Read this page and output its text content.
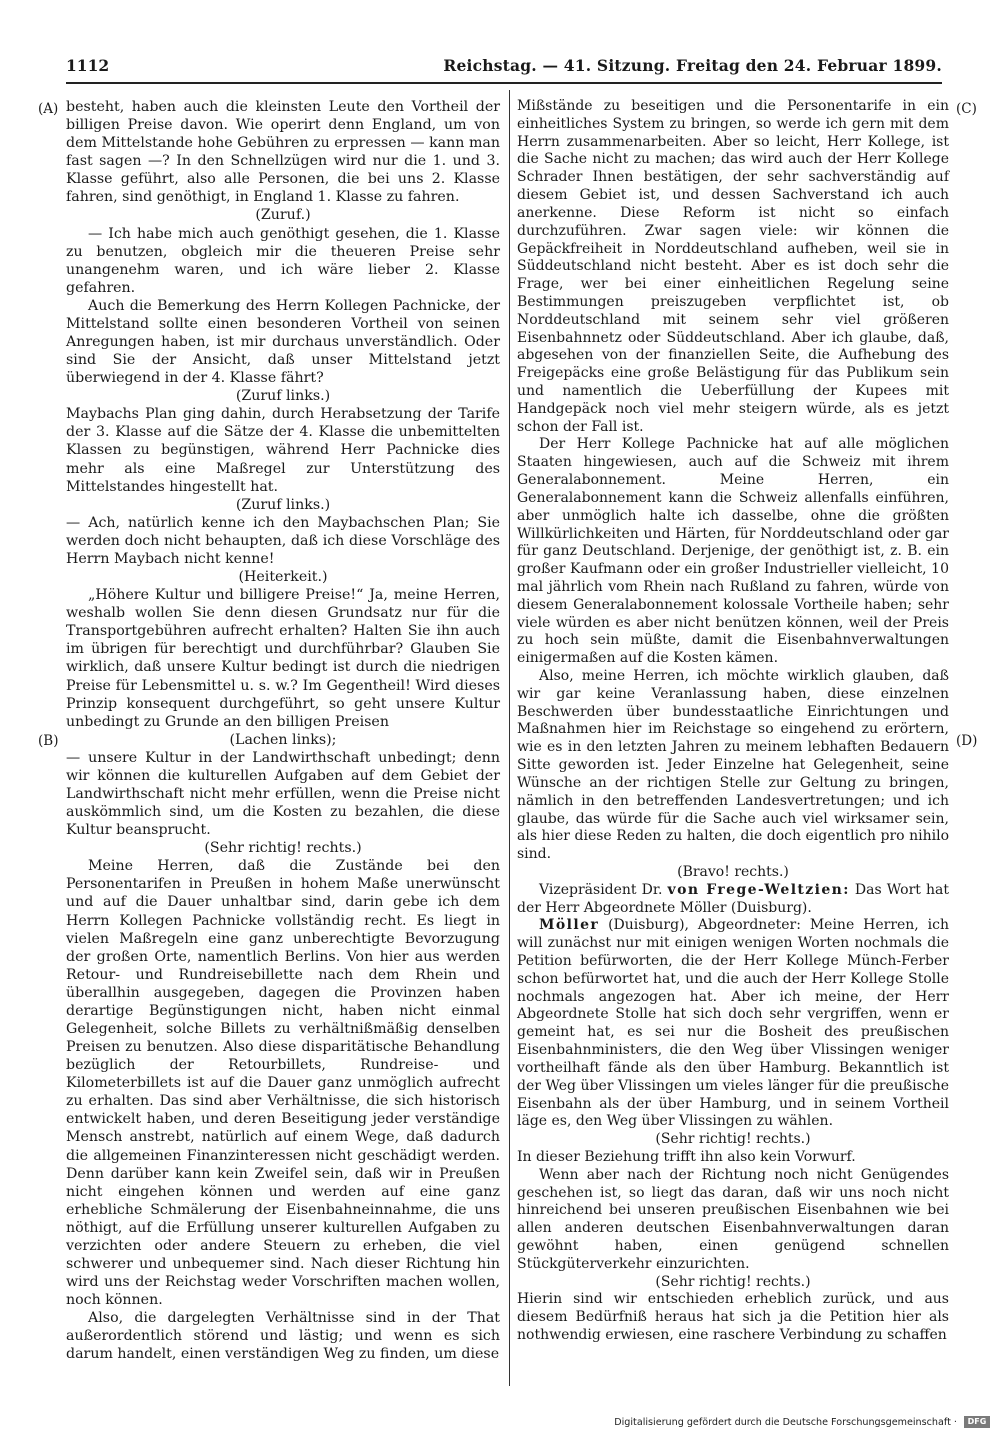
1112	Reichstag. — 41. Sitzung. Freitag den 24. Februar 1899.
(A)
(B)
(C)
(D)

besteht, haben auch die kleinsten Leute den Vortheil der billigen Preise davon. Wie operirt denn England, um von dem Mittelstande hohe Gebühren zu erpressen — kann man fast sagen —? In den Schnellzügen wird nur die 1. und 3. Klasse geführt, also alle Personen, die bei uns 2. Klasse fahren, sind genöthigt, in England 1. Klasse zu fahren.

(Zuruf.)

— Ich habe mich auch genöthigt gesehen, die 1. Klasse zu benutzen, obgleich mir die theueren Preise sehr unangenehm waren, und ich wäre lieber 2. Klasse gefahren.

Auch die Bemerkung des Herrn Kollegen Pachnicke, der Mittelstand sollte einen besonderen Vortheil von seinen Anregungen haben, ist mir durchaus unverständlich. Oder sind Sie der Ansicht, daß unser Mittelstand jetzt überwiegend in der 4. Klasse fährt?

(Zuruf links.)

Maybachs Plan ging dahin, durch Herabsetzung der Tarife der 3. Klasse auf die Sätze der 4. Klasse die unbemittelten Klassen zu begünstigen, während Herr Pachnicke dies mehr als eine Maßregel zur Unterstützung des Mittelstandes hingestellt hat.

(Zuruf links.)

— Ach, natürlich kenne ich den Maybachschen Plan; Sie werden doch nicht behaupten, daß ich diese Vorschläge des Herrn Maybach nicht kenne!

(Heiterkeit.)

„Höhere Kultur und billigere Preise!“ Ja, meine Herren, weshalb wollen Sie denn diesen Grundsatz nur für die Transportgebühren aufrecht erhalten? Halten Sie ihn auch im übrigen für berechtigt und durchführbar? Glauben Sie wirklich, daß unsere Kultur bedingt ist durch die niedrigen Preise für Lebensmittel u. s. w.? Im Gegentheil! Wird dieses Prinzip konsequent durchgeführt, so geht unsere Kultur unbedingt zu Grunde an den billigen Preisen

(Lachen links);

— unsere Kultur in der Landwirthschaft unbedingt; denn wir können die kulturellen Aufgaben auf dem Gebiet der Landwirthschaft nicht mehr erfüllen, wenn die Preise nicht auskömmlich sind, um die Kosten zu bezahlen, die diese Kultur beansprucht.

(Sehr richtig! rechts.)

Meine Herren, daß die Zustände bei den Personentarifen in Preußen in hohem Maße unerwünscht und auf die Dauer unhaltbar sind, darin gebe ich dem Herrn Kollegen Pachnicke vollständig recht. Es liegt in vielen Maßregeln eine ganz unberechtigte Bevorzugung der großen Orte, namentlich Berlins. Von hier aus werden Retour- und Rundreisebillette nach dem Rhein und überallhin ausgegeben, dagegen die Provinzen haben derartige Begünstigungen nicht, haben nicht einmal Gelegenheit, solche Billets zu verhältnißmäßig denselben Preisen zu benutzen. Also diese disparitätische Behandlung bezüglich der Retourbillets, Rundreise- und Kilometerbillets ist auf die Dauer ganz unmöglich aufrecht zu erhalten. Das sind aber Verhältnisse, die sich historisch entwickelt haben, und deren Beseitigung jeder verständige Mensch anstrebt, natürlich auf einem Wege, daß dadurch die allgemeinen Finanzinteressen nicht geschädigt werden. Denn darüber kann kein Zweifel sein, daß wir in Preußen nicht eingehen können und werden auf eine ganz erhebliche Schmälerung der Eisenbahneinnahme, die uns nöthigt, auf die Erfüllung unserer kulturellen Aufgaben zu verzichten oder andere Steuern zu erheben, die viel schwerer und unbequemer sind. Nach dieser Richtung hin wird uns der Reichstag weder Vorschriften machen wollen, noch können.

Also, die dargelegten Verhältnisse sind in der That außerordentlich störend und lästig; und wenn es sich darum handelt, einen verständigen Weg zu finden, um diese

Mißstände zu beseitigen und die Personentarife in ein einheitliches System zu bringen, so werde ich gern mit dem Herrn zusammenarbeiten. Aber so leicht, Herr Kollege, ist die Sache nicht zu machen; das wird auch der Herr Kollege Schrader Ihnen bestätigen, der sehr sachverständig auf diesem Gebiet ist, und dessen Sachverstand ich auch anerkenne. Diese Reform ist nicht so einfach durchzuführen. Zwar sagen viele: wir können die Gepäckfreiheit in Norddeutschland aufheben, weil sie in Süddeutschland nicht besteht. Aber es ist doch sehr die Frage, wer bei einer einheitlichen Regelung seine Bestimmungen preiszugeben verpflichtet ist, ob Norddeutschland mit seinem sehr viel größeren Eisenbahnnetz oder Süddeutschland. Aber ich glaube, daß, abgesehen von der finanziellen Seite, die Aufhebung des Freigepäcks eine große Belästigung für das Publikum sein und namentlich die Ueberfüllung der Kupees mit Handgepäck noch viel mehr steigern würde, als es jetzt schon der Fall ist.

Der Herr Kollege Pachnicke hat auf alle möglichen Staaten hingewiesen, auch auf die Schweiz mit ihrem Generalabonnement. Meine Herren, ein Generalabonnement kann die Schweiz allenfalls einführen, aber unmöglich halte ich dasselbe, ohne die größten Willkürlichkeiten und Härten, für Norddeutschland oder gar für ganz Deutschland. Derjenige, der genöthigt ist, z. B. ein großer Kaufmann oder ein großer Industrieller vielleicht, 10 mal jährlich vom Rhein nach Rußland zu fahren, würde von diesem Generalabonnement kolossale Vortheile haben; sehr viele würden es aber nicht benützen können, weil der Preis zu hoch sein müßte, damit die Eisenbahnverwaltungen einigermaßen auf die Kosten kämen.

Also, meine Herren, ich möchte wirklich glauben, daß wir gar keine Veranlassung haben, diese einzelnen Beschwerden über bundesstaatliche Einrichtungen und Maßnahmen hier im Reichstage so eingehend zu erörtern, wie es in den letzten Jahren zu meinem lebhaften Bedauern Sitte geworden ist. Jeder Einzelne hat Gelegenheit, seine Wünsche an der richtigen Stelle zur Geltung zu bringen, nämlich in den betreffenden Landesvertretungen; und ich glaube, das würde für die Sache auch viel wirksamer sein, als hier diese Reden zu halten, die doch eigentlich pro nihilo sind.

(Bravo! rechts.)

Vizepräsident Dr. von Frege-Weltzien: Das Wort hat der Herr Abgeordnete Möller (Duisburg).

Möller (Duisburg), Abgeordneter: Meine Herren, ich will zunächst nur mit einigen wenigen Worten nochmals die Petition befürworten, die der Herr Kollege Münch-Ferber schon befürwortet hat, und die auch der Herr Kollege Stolle nochmals angezogen hat. Aber ich meine, der Herr Abgeordnete Stolle hat sich doch sehr vergriffen, wenn er gemeint hat, es sei nur die Bosheit des preußischen Eisenbahnministers, die den Weg über Vlissingen weniger vortheilhaft fände als den über Hamburg. Bekanntlich ist der Weg über Vlissingen um vieles länger für die preußische Eisenbahn als der über Hamburg, und in seinem Vortheil läge es, den Weg über Vlissingen zu wählen.

(Sehr richtig! rechts.)

In dieser Beziehung trifft ihn also kein Vorwurf.

Wenn aber nach der Richtung noch nicht Genügendes geschehen ist, so liegt das daran, daß wir uns noch nicht hinreichend bei unseren preußischen Eisenbahnen wie bei allen anderen deutschen Eisenbahnverwaltungen daran gewöhnt haben, einen genügend schnellen Stückgüterverkehr einzurichten.

(Sehr richtig! rechts.)

Hierin sind wir entschieden erheblich zurück, und aus diesem Bedürfniß heraus hat sich ja die Petition hier als nothwendig erwiesen, eine raschere Verbindung zu schaffen

Digitalisierung gefördert durch die Deutsche Forschungsgemeinschaft · DFG
